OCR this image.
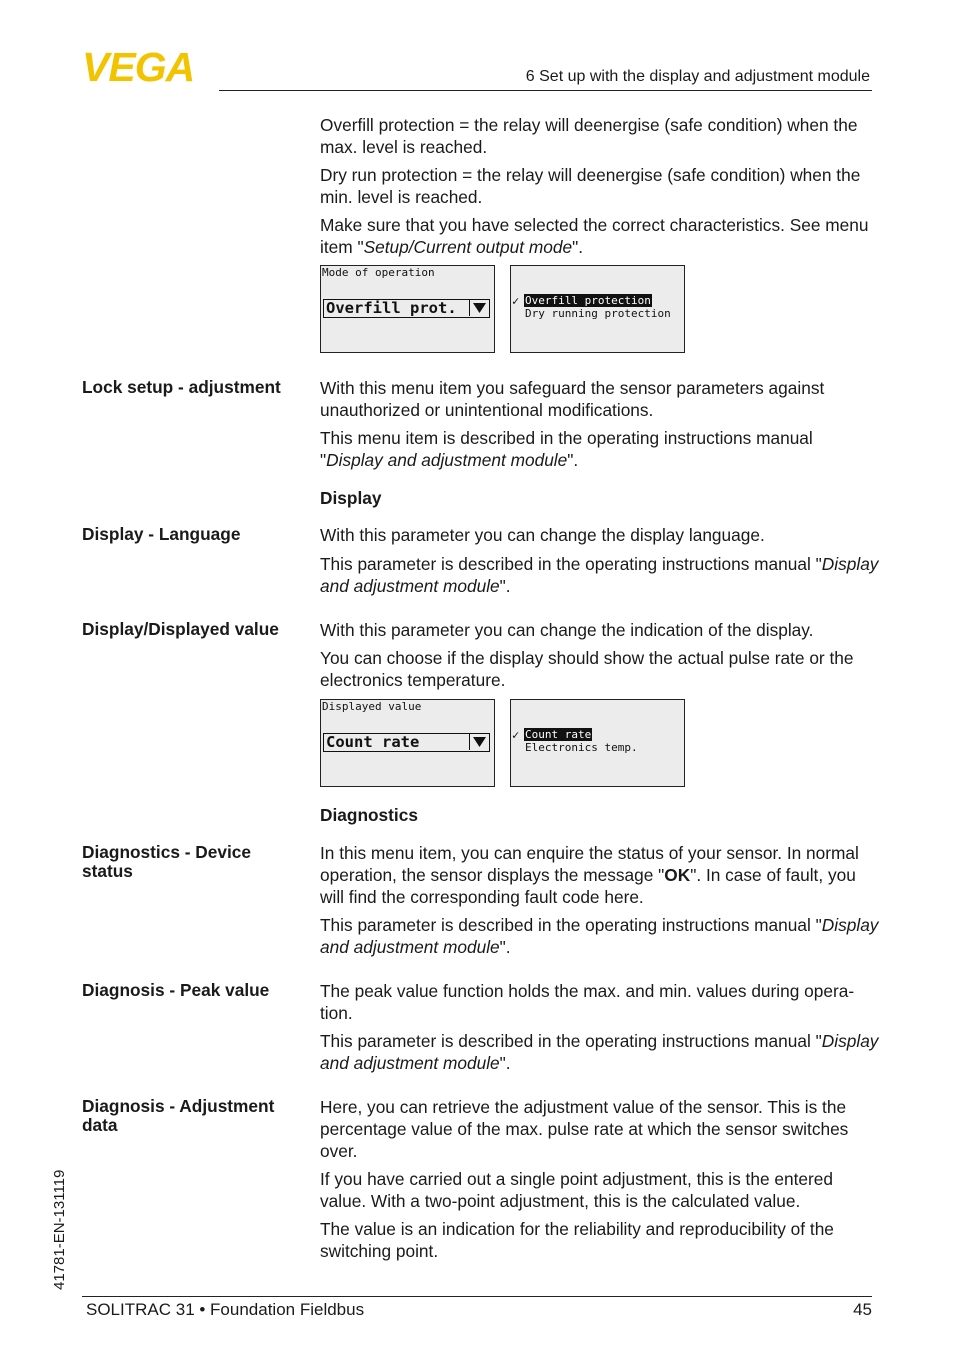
VEGA	6 Set up with the display and adjustment module
Overfill protection = the relay will deenergise (safe condition) when the max. level is reached.
Dry run protection = the relay will deenergise (safe condition) when the min. level is reached.
Make sure that you have selected the correct characteristics. See menu item "Setup/Current output mode".
Mode of operation
Overfill prot.	✓ Overfill protection
Dry running protection
Lock setup - adjustment	With this menu item you safeguard the sensor parameters against unauthorized or unintentional modifications.
This menu item is described in the operating instructions manual "Display and adjustment module".
Display
Display - Language	With this parameter you can change the display language.
This parameter is described in the operating instructions manual "Display and adjustment module".
Display/Displayed value	With this parameter you can change the indication of the display.
You can choose if the display should show the actual pulse rate or the electronics temperature.
Displayed value
Count rate	✓ Count rate
Electronics temp.
Diagnostics
Diagnostics - Device status
In this menu item, you can enquire the status of your sensor. In normal operation, the sensor displays the message "OK". In case of fault, you will find the corresponding fault code here.
This parameter is described in the operating instructions manual "Display and adjustment module".
Diagnosis - Peak value	The peak value function holds the max. and min. values during opera-tion.
This parameter is described in the operating instructions manual "Display and adjustment module".
Diagnosis - Adjustment data
Here, you can retrieve the adjustment value of the sensor. This is the percentage value of the max. pulse rate at which the sensor switches over.
If you have carried out a single point adjustment, this is the entered value. With a two-point adjustment, this is the calculated value.
The value is an indication for the reliability and reproducibility of the switching point.
41781-EN-131119
SOLITRAC 31 • Foundation Fieldbus	45
